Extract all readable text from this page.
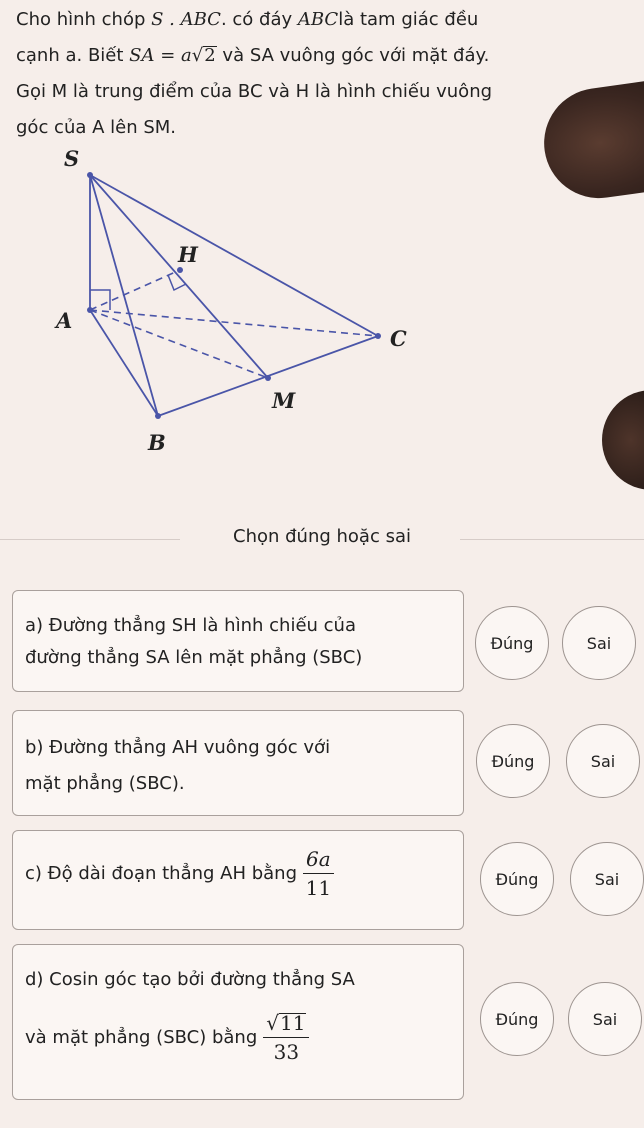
Cho hình chóp S . ABC. có đáy ABClà tam giác đều
cạnh a. Biết SA = a√2 và SA vuông góc với mặt đáy.
Gọi M là trung điểm của BC và H là hình chiếu vuông
góc của A lên SM.
S
H
A
C
M
B
Chọn đúng hoặc sai
a) Đường thẳng SH là hình chiếu của
đường thẳng SA lên mặt phẳng (SBC)
Đúng	Sai
b) Đường thẳng AH vuông góc với
mặt phẳng (SBC).
Đúng	Sai
c) Độ dài đoạn thẳng AH bằng $\frac{6a}{11}$	Đúng	Sai
d) Cosin góc tạo bởi đường thẳng SA
và mặt phẳng (SBC) bằng $\frac{√11}{33}$	Đúng	Sai
